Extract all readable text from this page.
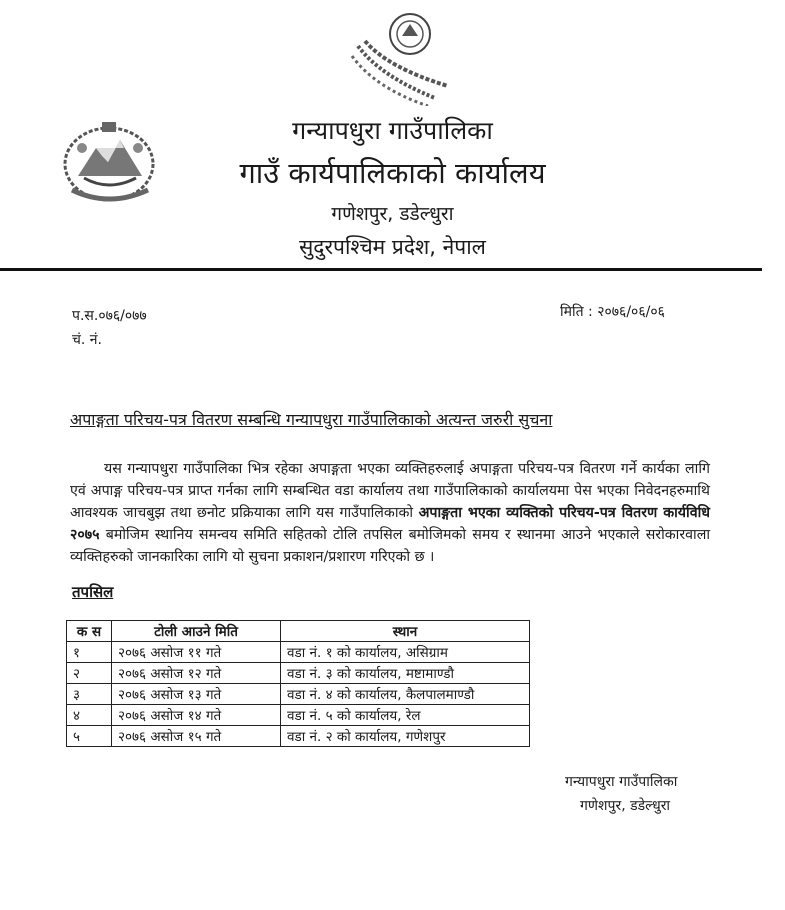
गन्यापधुरा गाउँपालिका
गाउँ कार्यपालिकाको कार्यालय
गणेशपुर, डडेल्धुरा
सुदुरपश्चिम प्रदेश, नेपाल
प.स.०७६/०७७
चं. नं.
मिति : २०७६/०६/०६
अपाङ्गता परिचय-पत्र वितरण सम्बन्धि गन्यापधुरा गाउँपालिकाको अत्यन्त जरुरी सुचना

यस गन्यापधुरा गाउँपालिका भित्र रहेका अपाङ्गता भएका व्यक्तिहरुलाई अपाङ्गता परिचय-पत्र वितरण गर्ने कार्यका लागि एवं अपाङ्ग परिचय-पत्र प्राप्त गर्नका लागि सम्बन्धित वडा कार्यालय तथा गाउँपालिकाको कार्यालयमा पेस भएका निवेदनहरुमाथि आवश्यक जाचबुझ तथा छनोट प्रक्रियाका लागि यस गाउँपालिकाको अपाङ्गता भएका व्यक्तिको परिचय-पत्र वितरण कार्यविधि २०७५ बमोजिम स्थानिय समन्वय समिति सहितको टोलि तपसिल बमोजिमको समय र स्थानमा आउने भएकाले सरोकारवाला व्यक्तिहरुको जानकारिका लागि यो सुचना प्रकाशन/प्रशारण गरिएको छ ।

तपसिल
क स	टोली आउने मिति	स्थान
१	२०७६ असोज ११ गते	वडा नं. १ को कार्यालय, असिग्राम
२	२०७६ असोज १२ गते	वडा नं. ३ को कार्यालय, मष्टामाण्डौ
३	२०७६ असोज १३ गते	वडा नं. ४ को कार्यालय, कैलपालमाण्डौ
४	२०७६ असोज १४ गते	वडा नं. ५ को कार्यालय, रेल
५	२०७६ असोज १५ गते	वडा नं. २ को कार्यालय, गणेशपुर
गन्यापधुरा गाउँपालिका
गणेशपुर, डडेल्धुरा
